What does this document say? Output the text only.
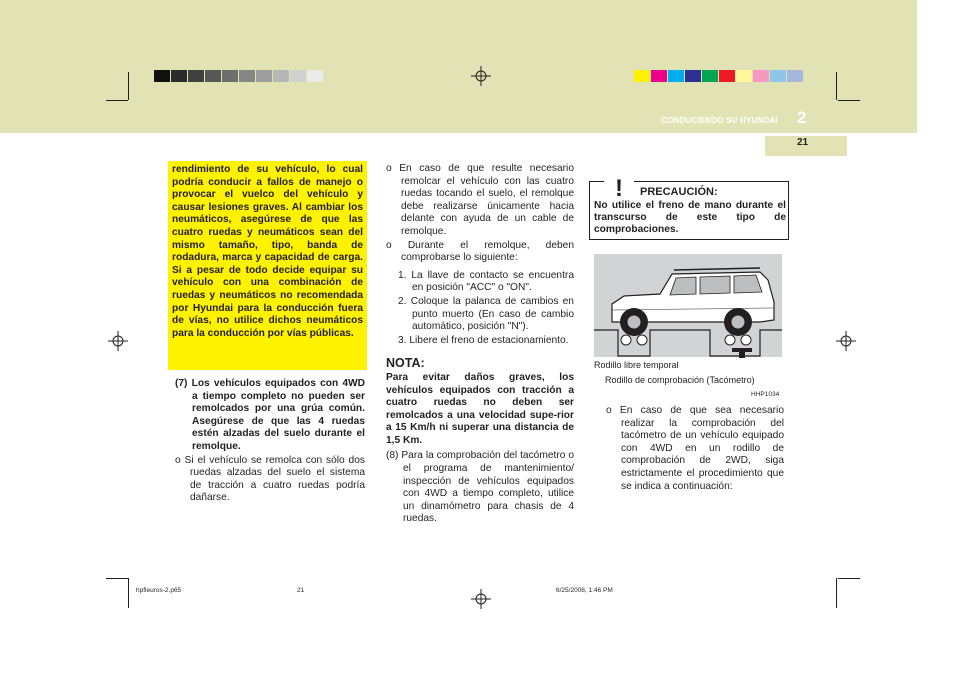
CONDUCIENDO SU HYUNDAI 2
21

rendimiento de su vehículo, lo cual podría conducir a fallos de manejo o provocar el vuelco del vehículo y causar lesiones graves. Al cambiar los neumáticos, asegúrese de que las cuatro ruedas y neumáticos sean del mismo tamaño, tipo, banda de rodadura, marca y capacidad de carga. Si a pesar de todo decide equipar su vehículo con una combinación de ruedas y neumáticos no recomendada por Hyundai para la conducción fuera de vías, no utilice dichos neumáticos para la conducción por vías públicas.

(7) Los vehículos equipados con 4WD a tiempo completo no pueden ser remolcados por una grúa común. Asegúrese de que las 4 ruedas estén alzadas del suelo durante el remolque.

o Si el vehículo se remolca con sólo dos ruedas alzadas del suelo el sistema de tracción a cuatro ruedas podría dañarse.

o En caso de que resulte necesario remolcar el vehículo con las cuatro ruedas tocando el suelo, el remolque debe realizarse únicamente hacia delante con ayuda de un cable de remolque.

o Durante el remolque, deben comprobarse lo siguiente:

1. La llave de contacto se encuentra en posición "ACC" o "ON".

2. Coloque la palanca de cambios en punto muerto (En caso de cambio automático, posición "N").

3. Libere el freno de estacionamiento.

NOTA:

Para evitar daños graves, los vehículos equipados con tracción a cuatro ruedas no deben ser remolcados a una velocidad supe-rior a 15 Km/h ni superar una distancia de 1,5 Km.

(8) Para la comprobación del tacómetro o el programa de mantenimiento/ inspección de vehículos equipados con 4WD a tiempo completo, utilice un dinamómetro para chasis de 4 ruedas.

! PRECAUCIÓN:
No utilice el freno de mano durante el transcurso de este tipo de comprobaciones.
Rodillo libre temporal
Rodillo de comprobación (Tacómetro)
HHP1034

o En caso de que sea necesario realizar la comprobación del tacómetro de un vehículo equipado con 4WD en un rodillo de comprobación de 2WD, siga estrictamente el procedimiento que se indica a continuación:

hpfleuros-2.p65	21	6/25/2008, 1:46 PM
